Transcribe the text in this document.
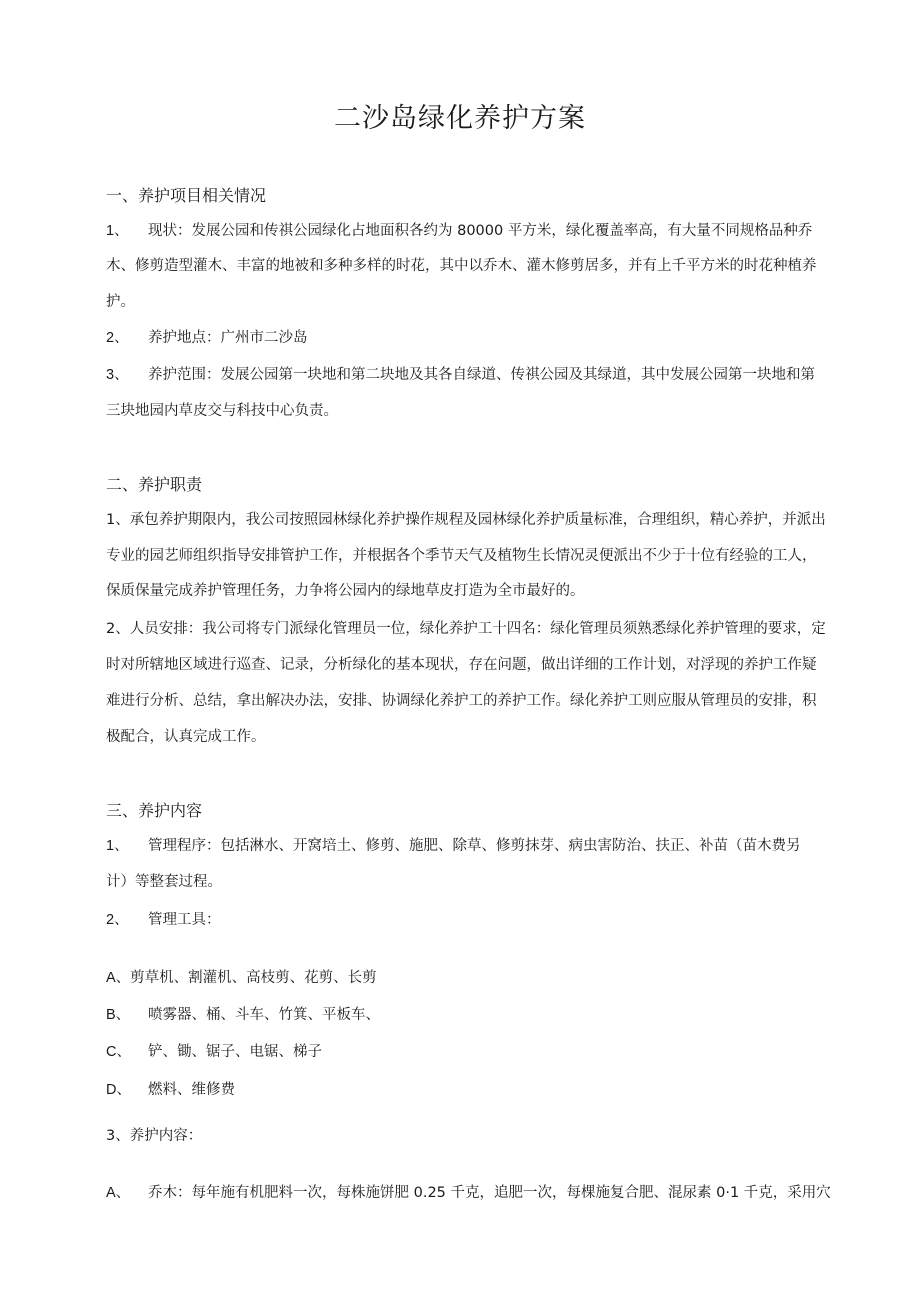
二沙岛绿化养护方案
一、养护项目相关情况
1、 现状：发展公园和传祺公园绿化占地面积各约为 80000 平方米，绿化覆盖率高，有大量不同规格品种乔
木、修剪造型灌木、丰富的地被和多种多样的时花，其中以乔木、灌木修剪居多，并有上千平方米的时花种植养
护。
2、 养护地点：广州市二沙岛
3、 养护范围：发展公园第一块地和第二块地及其各自绿道、传祺公园及其绿道，其中发展公园第一块地和第
三块地园内草皮交与科技中心负责。
二、养护职责
1、承包养护期限内，我公司按照园林绿化养护操作规程及园林绿化养护质量标准，合理组织，精心养护，并派出
专业的园艺师组织指导安排管护工作，并根据各个季节天气及植物生长情况灵便派出不少于十位有经验的工人，
保质保量完成养护管理任务，力争将公园内的绿地草皮打造为全市最好的。
2、人员安排：我公司将专门派绿化管理员一位，绿化养护工十四名：绿化管理员须熟悉绿化养护管理的要求，定
时对所辖地区域进行巡查、记录，分析绿化的基本现状，存在问题，做出详细的工作计划，对浮现的养护工作疑
难进行分析、总结，拿出解决办法，安排、协调绿化养护工的养护工作。绿化养护工则应服从管理员的安排，积
极配合，认真完成工作。
三、养护内容
1、 管理程序：包括淋水、开窝培土、修剪、施肥、除草、修剪抹芽、病虫害防治、扶正、补苗（苗木费另
计）等整套过程。
2、 管理工具：
A、剪草机、割灌机、高枝剪、花剪、长剪
B、 喷雾器、桶、斗车、竹箕、平板车、
C、 铲、锄、锯子、电锯、梯子
D、 燃料、维修费
3、养护内容：
A、 乔木：每年施有机肥料一次，每株施饼肥 0.25 千克，追肥一次，每棵施复合肥、混尿素 0·1 千克，采用穴
